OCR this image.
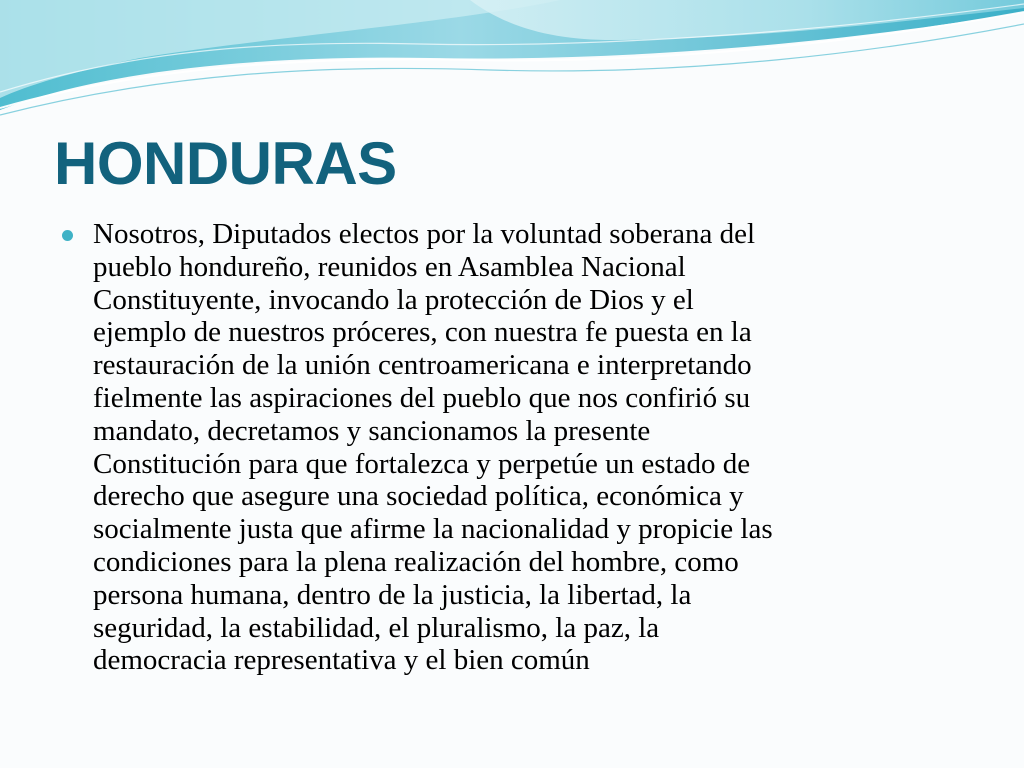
HONDURAS

Nosotros, Diputados electos por la voluntad soberana del
pueblo hondureño, reunidos en Asamblea Nacional
Constituyente, invocando la protección de Dios y el
ejemplo de nuestros próceres, con nuestra fe puesta en la
restauración de la unión centroamericana e interpretando
fielmente las aspiraciones del pueblo que nos confirió su
mandato, decretamos y sancionamos la presente
Constitución para que fortalezca y perpetúe un estado de
derecho que asegure una sociedad política, económica y
socialmente justa que afirme la nacionalidad y propicie las
condiciones para la plena realización del hombre, como
persona humana, dentro de la justicia, la libertad, la
seguridad, la estabilidad, el pluralismo, la paz, la
democracia representativa y el bien común
